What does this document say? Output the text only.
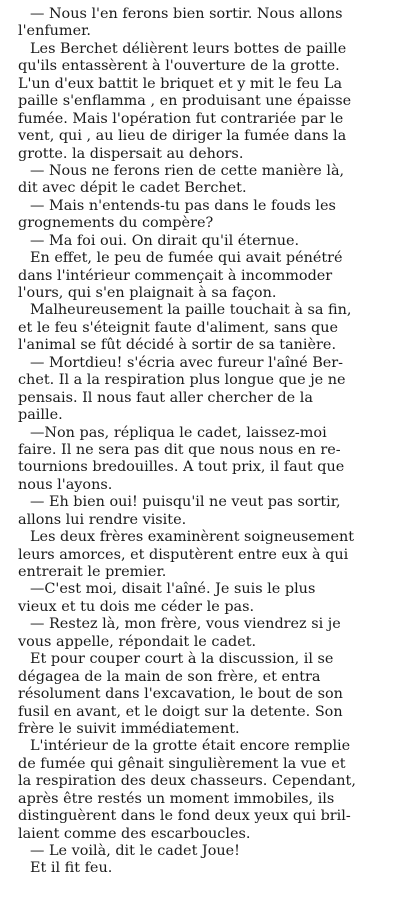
— Nous l'en ferons bien sortir. Nous allons
l'enfumer.
Les Berchet délièrent leurs bottes de paille
qu'ils entassèrent à l'ouverture de la grotte.
L'un d'eux battit le briquet et y mit le feu La
paille s'enflamma , en produisant une épaisse
fumée. Mais l'opération fut contrariée par le
vent, qui , au lieu de diriger la fumée dans la
grotte. la dispersait au dehors.
— Nous ne ferons rien de cette manière là,
dit avec dépit le cadet Berchet.
— Mais n'entends-tu pas dans le fouds les
grognements du compère?
— Ma foi oui. On dirait qu'il éternue.
En effet, le peu de fumée qui avait pénétré
dans l'intérieur commençait à incommoder
l'ours, qui s'en plaignait à sa façon.
Malheureusement la paille touchait à sa fin,
et le feu s'éteignit faute d'aliment, sans que
l'animal se fût décidé à sortir de sa tanière.
— Mortdieu! s'écria avec fureur l'aîné Ber-
chet. Il a la respiration plus longue que je ne
pensais. Il nous faut aller chercher de la
paille.
—Non pas, répliqua le cadet, laissez-moi
faire. Il ne sera pas dit que nous nous en re-
tournions bredouilles. A tout prix, il faut que
nous l'ayons.
— Eh bien oui! puisqu'il ne veut pas sortir,
allons lui rendre visite.
Les deux frères examinèrent soigneusement
leurs amorces, et disputèrent entre eux à qui
entrerait le premier.
—C'est moi, disait l'aîné. Je suis le plus
vieux et tu dois me céder le pas.
— Restez là, mon frère, vous viendrez si je
vous appelle, répondait le cadet.
Et pour couper court à la discussion, il se
dégagea de la main de son frère, et entra
résolument dans l'excavation, le bout de son
fusil en avant, et le doigt sur la detente. Son
frère le suivit immédiatement.
L'intérieur de la grotte était encore remplie
de fumée qui gênait singulièrement la vue et
la respiration des deux chasseurs. Cependant,
après être restés un moment immobiles, ils
distinguèrent dans le fond deux yeux qui bril-
laient comme des escarboucles.
— Le voilà, dit le cadet Joue!
Et il fit feu.
